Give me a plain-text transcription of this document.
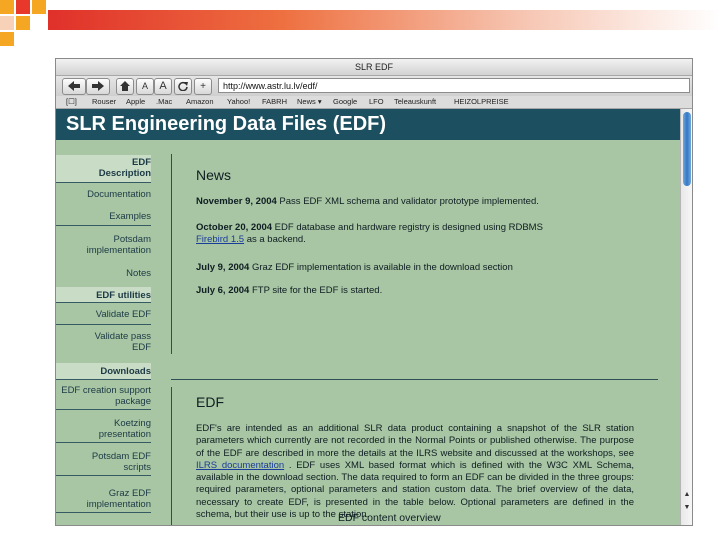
SLR EDF
A	A	+	http://www.astr.lu.lv/edf/
[☐] Rouser Apple .Mac Amazon Yahoo! FABRH News ▾ Google LFO Teleauskunft HEIZOLPREISE
SLR Engineering Data Files (EDF)
EDF Description
Documentation
Examples
Potsdam implementation
Notes
EDF utilities
Validate EDF
Validate pass EDF
Downloads
EDF creation support package
Koetzing presentation
Potsdam EDF scripts
Graz EDF implementation
News
November 9, 2004 Pass EDF XML schema and validator prototype implemented.
October 20, 2004 EDF database and hardware registry is designed using RDBMS
Firebird 1.5 as a backend.
July 9, 2004 Graz EDF implementation is available in the download section
July 6, 2004 FTP site for the EDF is started.
EDF
EDF's are intended as an additional SLR data product containing a snapshot of the SLR station parameters which currently are not recorded in the Normal Points or published otherwise. The purpose of the EDF are described in more the details at the ILRS website and discussed at the workshops, see ILRS documentation . EDF uses XML based format which is defined with the W3C XML Schema, available in the download section. The data required to form an EDF can be divided in the three groups: required parameters, optional parameters and station custom data. The brief overview of the data, necessary to create EDF, is presented in the table below. Optional parameters are defined in the schema, but their use is up to the station.
EDF content overview
▲
▼
